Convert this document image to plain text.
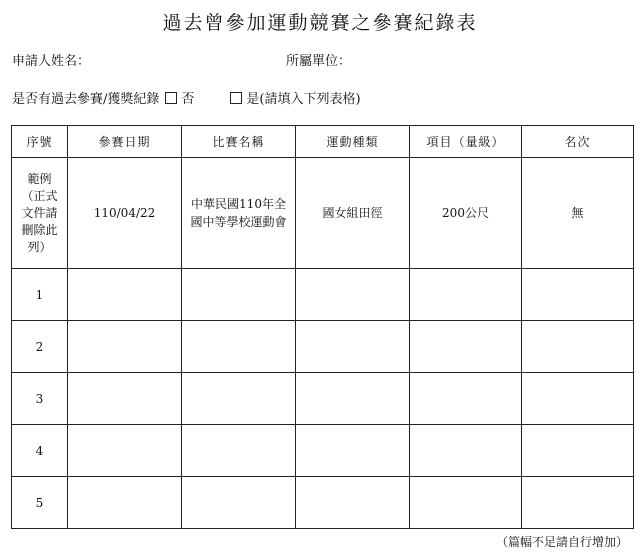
過去曾參加運動競賽之參賽紀錄表
申請人姓名：	所屬單位：
是否有過去參賽/獲獎紀錄 否	是(請填入下列表格)
序號	參賽日期	比賽名稱	運動種類	項目（量級）	名次
範例（正式文件請刪除此列）	110/04/22	中華民國110年全國中等學校運動會	國女組田徑	200公尺	無
1					
2					
3					
4					
5					
（篇幅不足請自行增加）
